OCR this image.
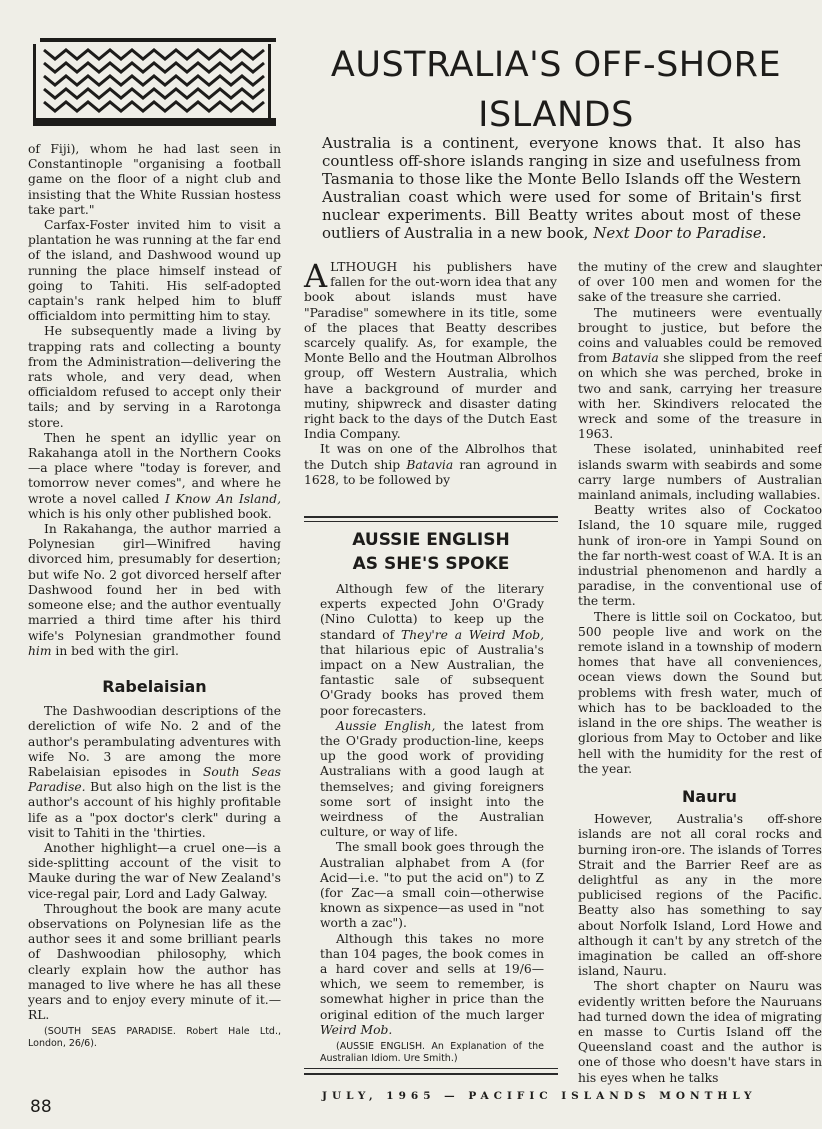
AUSTRALIA'S OFF-SHORE
ISLANDS

Australia is a continent, everyone knows that. It also has countless off-shore islands ranging in size and usefulness from Tasmania to those like the Monte Bello Islands off the Western Australian coast which were used for some of Britain's first nuclear experiments. Bill Beatty writes about most of these outliers of Australia in a new book, Next Door to Paradise.

of Fiji), whom he had last seen in Constantinople "organising a football game on the floor of a night club and insisting that the White Russian hostess take part."

Carfax-Foster invited him to visit a plantation he was running at the far end of the island, and Dashwood wound up running the place himself instead of going to Tahiti. His self-adopted captain's rank helped him to bluff officialdom into permitting him to stay.

He subsequently made a living by trapping rats and collecting a bounty from the Administration—delivering the rats whole, and very dead, when officialdom refused to accept only their tails; and by serving in a Rarotonga store.

Then he spent an idyllic year on Rakahanga atoll in the Northern Cooks—a place where "today is forever, and tomorrow never comes", and where he wrote a novel called I Know An Island, which is his only other published book.

In Rakahanga, the author married a Polynesian girl—Winifred having divorced him, presumably for desertion; but wife No. 2 got divorced herself after Dashwood found her in bed with someone else; and the author eventually married a third time after his third wife's Polynesian grandmother found him in bed with the girl.

Rabelaisian

The Dashwoodian descriptions of the dereliction of wife No. 2 and of the author's perambulating adventures with wife No. 3 are among the more Rabelaisian episodes in South Seas Paradise. But also high on the list is the author's account of his highly profitable life as a "pox doctor's clerk" during a visit to Tahiti in the 'thirties.

Another highlight—a cruel one—is a side-splitting account of the visit to Mauke during the war of New Zealand's vice-regal pair, Lord and Lady Galway.

Throughout the book are many acute observations on Polynesian life as the author sees it and some brilliant pearls of Dashwoodian philosophy, which clearly explain how the author has managed to live where he has all these years and to enjoy every minute of it.—RL.

(SOUTH SEAS PARADISE. Robert Hale Ltd., London, 26/6).

ALTHOUGH his publishers have fallen for the out-worn idea that any book about islands must have "Paradise" somewhere in its title, some of the places that Beatty describes scarcely qualify. As, for example, the Monte Bello and the Houtman Albrolhos group, off Western Australia, which have a background of murder and mutiny, shipwreck and disaster dating right back to the days of the Dutch East India Company.

It was on one of the Albrolhos that the Dutch ship Batavia ran aground in 1628, to be followed by

AUSSIE ENGLISH
AS SHE'S SPOKE

Although few of the literary experts expected John O'Grady (Nino Culotta) to keep up the standard of They're a Weird Mob, that hilarious epic of Australia's impact on a New Australian, the fantastic sale of subsequent O'Grady books has proved them poor forecasters.

Aussie English, the latest from the O'Grady production-line, keeps up the good work of providing Australians with a good laugh at themselves; and giving foreigners some sort of insight into the weirdness of the Australian culture, or way of life.

The small book goes through the Australian alphabet from A (for Acid—i.e. "to put the acid on") to Z (for Zac—a small coin—otherwise known as sixpence—as used in "not worth a zac").

Although this takes no more than 104 pages, the book comes in a hard cover and sells at 19/6—which, we seem to remember, is somewhat higher in price than the original edition of the much larger Weird Mob.

(AUSSIE ENGLISH. An Explanation of the Australian Idiom. Ure Smith.)

the mutiny of the crew and slaughter of over 100 men and women for the sake of the treasure she carried.

The mutineers were eventually brought to justice, but before the coins and valuables could be removed from Batavia she slipped from the reef on which she was perched, broke in two and sank, carrying her treasure with her. Skindivers relocated the wreck and some of the treasure in 1963.

These isolated, uninhabited reef islands swarm with seabirds and some carry large numbers of Australian mainland animals, including wallabies.

Beatty writes also of Cockatoo Island, the 10 square mile, rugged hunk of iron-ore in Yampi Sound on the far north-west coast of W.A. It is an industrial phenomenon and hardly a paradise, in the conventional use of the term.

There is little soil on Cockatoo, but 500 people live and work on the remote island in a township of modern homes that have all conveniences, ocean views down the Sound but problems with fresh water, much of which has to be backloaded to the island in the ore ships. The weather is glorious from May to October and like hell with the humidity for the rest of the year.

Nauru

However, Australia's off-shore islands are not all coral rocks and burning iron-ore. The islands of Torres Strait and the Barrier Reef are as delightful as any in the more publicised regions of the Pacific. Beatty also has something to say about Norfolk Island, Lord Howe and although it can't by any stretch of the imagination be called an off-shore island, Nauru.

The short chapter on Nauru was evidently written before the Nauruans had turned down the idea of migrating en masse to Curtis Island off the Queensland coast and the author is one of those who doesn't have stars in his eyes when he talks

88
JULY, 1965 — PACIFIC ISLANDS MONTHLY
